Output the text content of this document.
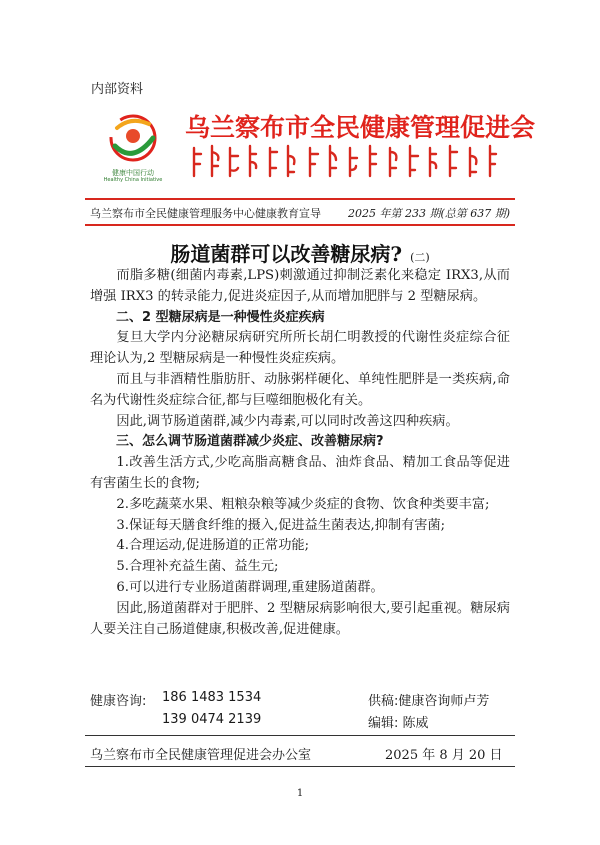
内部资料
健康中国行动
Healthy China Initiative
乌兰察布市全民健康管理促进会
乌兰察布市全民健康管理服务中心健康教育宣导 2025 年第 233 期(总第 637 期)
肠道菌群可以改善糖尿病? (二)

而脂多糖(细菌内毒素,LPS)刺激通过抑制泛素化来稳定 IRX3,从而增强 IRX3 的转录能力,促进炎症因子,从而增加肥胖与 2 型糖尿病。

二、2 型糖尿病是一种慢性炎症疾病

复旦大学内分泌糖尿病研究所所长胡仁明教授的代谢性炎症综合征理论认为,2 型糖尿病是一种慢性炎症疾病。

而且与非酒精性脂肪肝、动脉粥样硬化、单纯性肥胖是一类疾病,命名为代谢性炎症综合征,都与巨噬细胞极化有关。

因此,调节肠道菌群,减少内毒素,可以同时改善这四种疾病。

三、怎么调节肠道菌群减少炎症、改善糖尿病?

1.改善生活方式,少吃高脂高糖食品、油炸食品、精加工食品等促进有害菌生长的食物;

2.多吃蔬菜水果、粗粮杂粮等减少炎症的食物、饮食种类要丰富;

3.保证每天膳食纤维的摄入,促进益生菌表达,抑制有害菌;

4.合理运动,促进肠道的正常功能;

5.合理补充益生菌、益生元;

6.可以进行专业肠道菌群调理,重建肠道菌群。

因此,肠道菌群对于肥胖、2 型糖尿病影响很大,要引起重视。糖尿病人要关注自己肠道健康,积极改善,促进健康。

健康咨询: 186 1483 1534
139 0474 2139
供稿:健康咨询师卢芳
编辑: 陈威
乌兰察布市全民健康管理促进会办公室	2025 年 8 月 20 日
1
